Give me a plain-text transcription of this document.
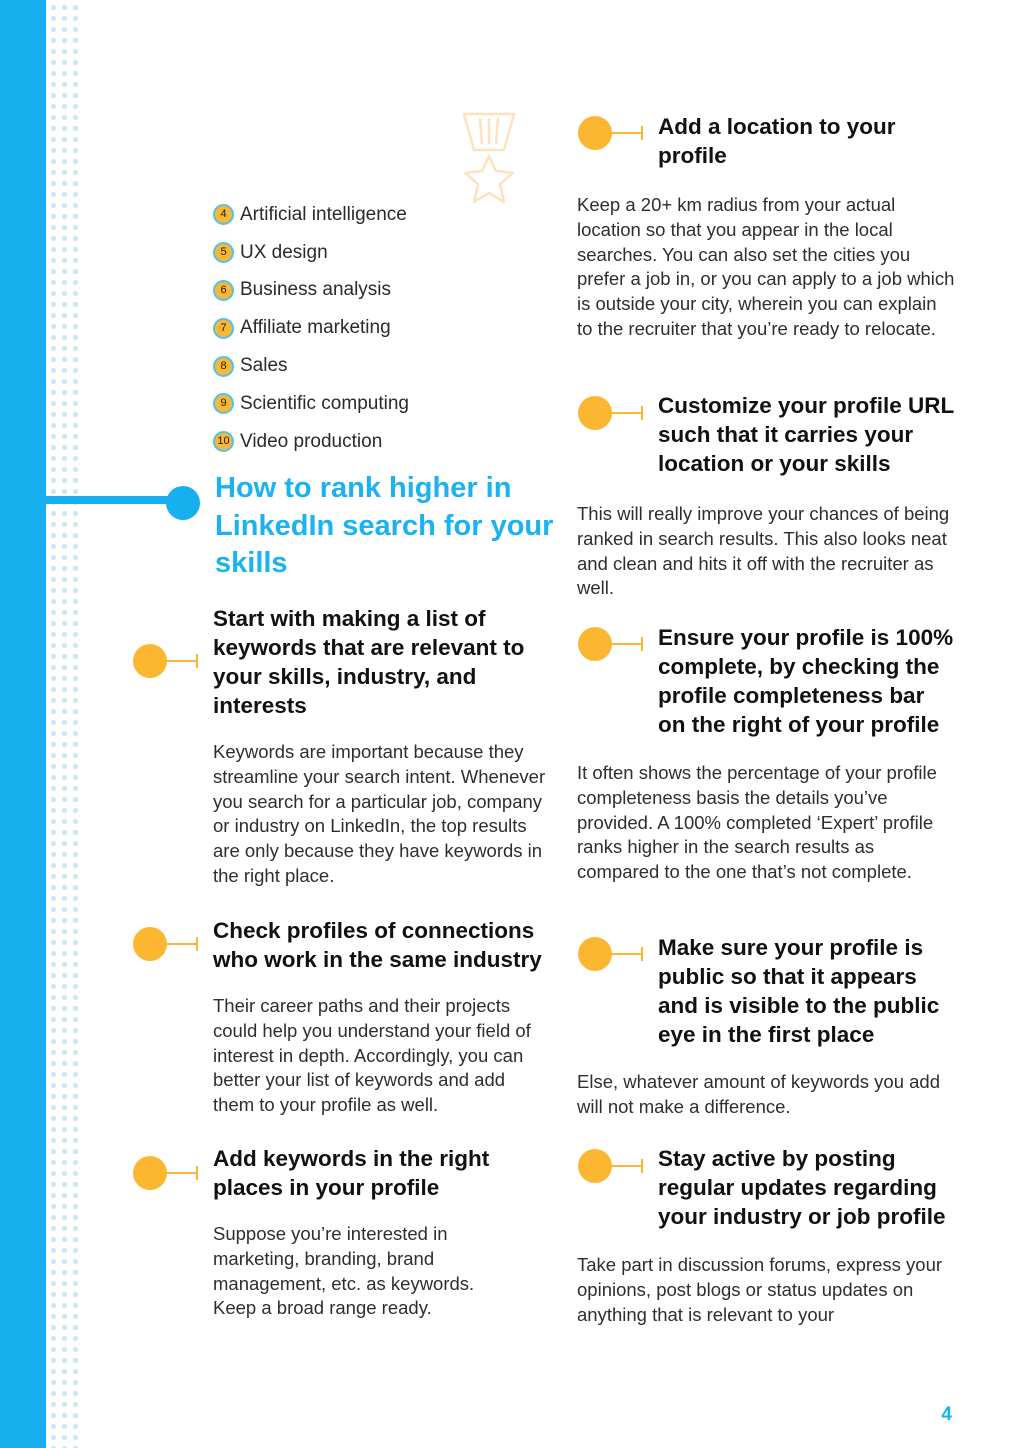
4 Artificial intelligence
5 UX design
6 Business analysis
7 Affiliate marketing
8 Sales
9 Scientific computing
10 Video production
How to rank higher in LinkedIn search for your skills
Start with making a list of keywords that are relevant to your skills, industry, and interests

Keywords are important because they streamline your search intent. Whenever you search for a particular job, company or industry on LinkedIn, the top results are only because they have keywords in the right place.

Check profiles of connections who work in the same industry

Their career paths and their projects could help you understand your field of interest in depth. Accordingly, you can better your list of keywords and add them to your profile as well.

Add keywords in the right places in your profile

Suppose you’re interested in marketing, branding, brand management, etc. as keywords. Keep a broad range ready.

Add a location to your profile

Keep a 20+ km radius from your actual location so that you appear in the local searches. You can also set the cities you prefer a job in, or you can apply to a job which is outside your city, wherein you can explain to the recruiter that you’re ready to relocate.

Customize your profile URL such that it carries your location or your skills

This will really improve your chances of being ranked in search results. This also looks neat and clean and hits it off with the recruiter as well.

Ensure your profile is 100% complete, by checking the profile completeness bar on the right of your profile

It often shows the percentage of your profile completeness basis the details you’ve provided. A 100% completed ‘Expert’ profile ranks higher in the search results as compared to the one that’s not complete.

Make sure your profile is public so that it appears and is visible to the public eye in the first place

Else, whatever amount of keywords you add will not make a difference.

Stay active by posting regular updates regarding your industry or job profile

Take part in discussion forums, express your opinions, post blogs or status updates on anything that is relevant to your

4
